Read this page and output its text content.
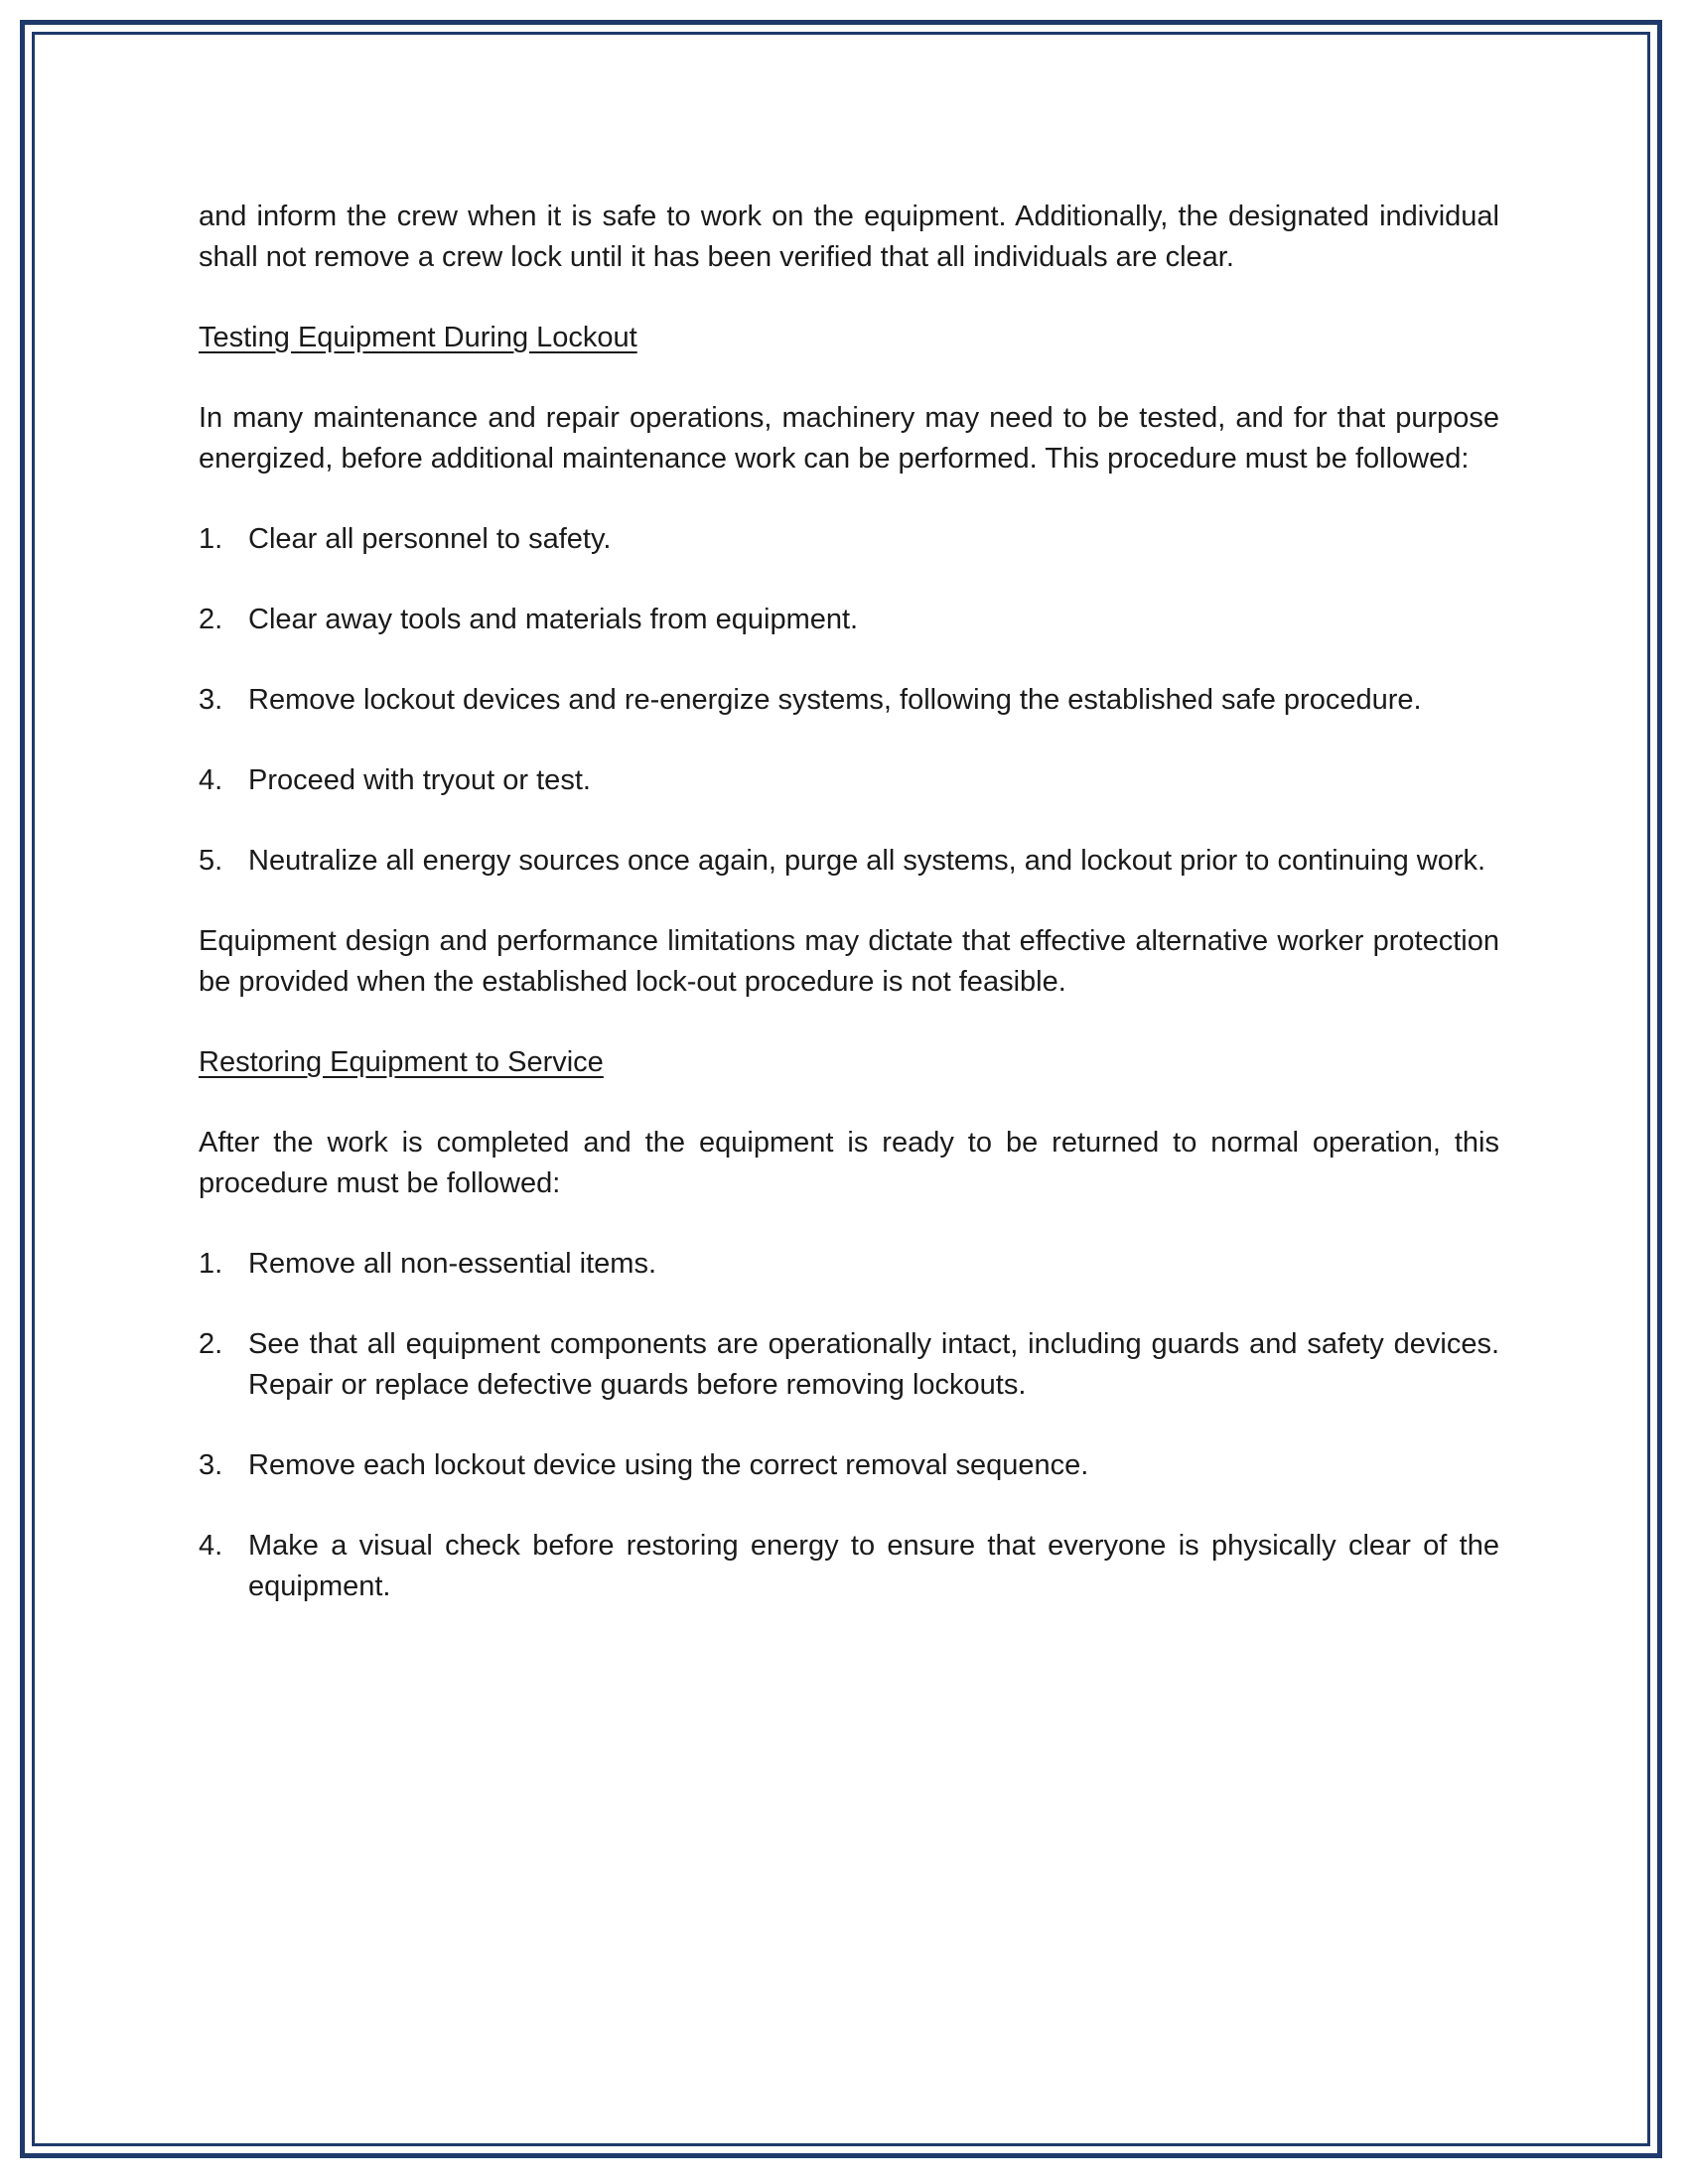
and inform the crew when it is safe to work on the equipment. Additionally, the designated individual shall not remove a crew lock until it has been verified that all individuals are clear.

Testing Equipment During Lockout

In many maintenance and repair operations, machinery may need to be tested, and for that purpose energized, before additional maintenance work can be performed. This procedure must be followed:

1. Clear all personnel to safety.
2. Clear away tools and materials from equipment.
3. Remove lockout devices and re-energize systems, following the established safe procedure.
4. Proceed with tryout or test.
5. Neutralize all energy sources once again, purge all systems, and lockout prior to continuing work.

Equipment design and performance limitations may dictate that effective alternative worker protection be provided when the established lock-out procedure is not feasible.

Restoring Equipment to Service

After the work is completed and the equipment is ready to be returned to normal operation, this procedure must be followed:

1. Remove all non-essential items.
2. See that all equipment components are operationally intact, including guards and safety devices. Repair or replace defective guards before removing lockouts.
3. Remove each lockout device using the correct removal sequence.
4. Make a visual check before restoring energy to ensure that everyone is physically clear of the equipment.
